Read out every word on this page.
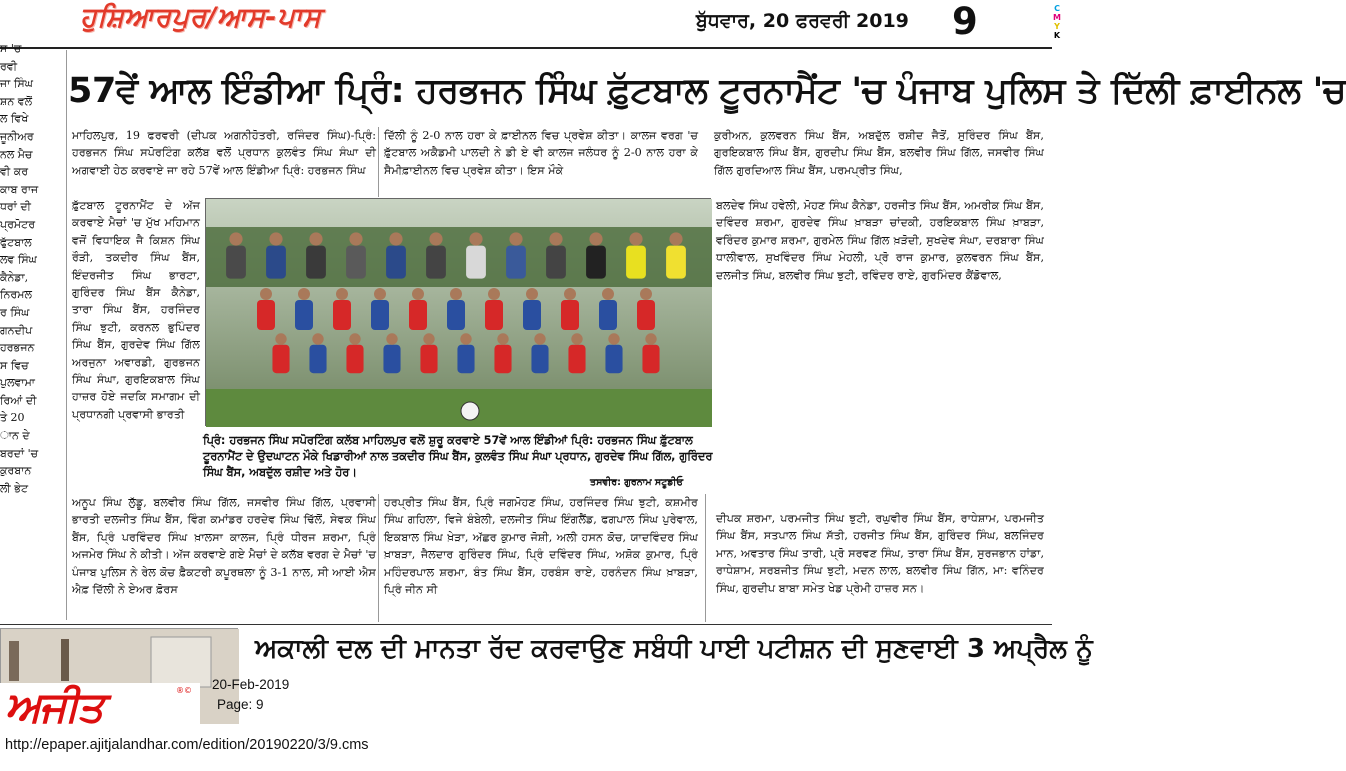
ਹੁਸ਼ਿਆਰਪੁਰ/ਆਸ-ਪਾਸ	ਬੁੱਧਵਾਰ, 20 ਫਰਵਰੀ 2019 9	C
M
Y
K
ਸ 'ਚ
ਰਵੀ
ਜਾ ਸਿੰਘ
ਸ਼ਨ ਵਲੋਂ
ਲ ਵਿਖੇ
ਜੂਨੀਅਰ
ਨਲ ਮੈਚ
ਵੀ ਕਰ
ਕਾਬ ਰਾਜ
ਧਰਾਂ ਦੀ
ਪ੍ਰਮੋਟਰ
ਫੁੱਟਬਾਲ
ਲਵ ਸਿੰਘ
ਕੈਨੇਡਾ,
ਨਿਰਮਲ
ਰ ਸਿੰਘ
ਗਨਦੀਪ
ਹਰਭਜਨ
ਸ ਵਿਚ
ਪੁਲਵਾਮਾ
ਰਿਆਂ ਦੀ
ਤੇ 20
ਾਨ ਦੇ
ਬਰਦਾਂ 'ਚ
ਕੁਰਬਾਨ
ਲੀ ਭੇਟ
57ਵੇਂ ਆਲ ਇੰਡੀਆ ਪ੍ਰਿੰ: ਹਰਭਜਨ ਸਿੰਘ ਫ਼ੁੱਟਬਾਲ ਟੂਰਨਾਮੈਂਟ 'ਚ ਪੰਜਾਬ ਪੁਲਿਸ ਤੇ ਦਿੱਲੀ ਫ਼ਾਈਨਲ 'ਚ
ਮਾਹਿਲਪੁਰ, 19 ਫਰਵਰੀ (ਦੀਪਕ ਅਗਨੀਹੋਤਰੀ, ਰਜਿੰਦਰ ਸਿੰਘ)-ਪ੍ਰਿੰ: ਹਰਭਜਨ ਸਿੰਘ ਸਪੋਰਟਿੰਗ ਕਲੱਬ ਵਲੋਂ ਪ੍ਰਧਾਨ ਕੁਲਵੰਤ ਸਿੰਘ ਸੰਘਾ ਦੀ ਅਗਵਾਈ ਹੇਠ ਕਰਵਾਏ ਜਾ ਰਹੇ 57ਵੇਂ ਆਲ ਇੰਡੀਆ ਪ੍ਰਿੰ: ਹਰਭਜਨ ਸਿੰਘ
ਦਿੱਲੀ ਨੂੰ 2-0 ਨਾਲ ਹਰਾ ਕੇ ਫ਼ਾਈਨਲ ਵਿਚ ਪ੍ਰਵੇਸ਼ ਕੀਤਾ। ਕਾਲਜ ਵਰਗ 'ਚ ਫ਼ੁੱਟਬਾਲ ਅਕੈਡਮੀ ਪਾਲਦੀ ਨੇ ਡੀ ਏ ਵੀ ਕਾਲਜ ਜਲੰਧਰ ਨੂੰ 2-0 ਨਾਲ ਹਰਾ ਕੇ ਸੈਮੀਫ਼ਾਈਨਲ ਵਿਚ ਪ੍ਰਵੇਸ਼ ਕੀਤਾ। ਇਸ ਮੌਕੇ
ਕੁਰੀਅਨ, ਕੁਲਵਰਨ ਸਿੰਘ ਬੈਂਸ, ਅਬਦੁੱਲ ਰਸ਼ੀਦ ਜੈਤੋਂ, ਸੁਰਿੰਦਰ ਸਿੰਘ ਬੈਂਸ, ਗੁਰਇਕਬਾਲ ਸਿੰਘ ਬੈਂਸ, ਗੁਰਦੀਪ ਸਿੰਘ ਬੈਂਸ, ਬਲਵੀਰ ਸਿੰਘ ਗਿੱਲ, ਜਸਵੀਰ ਸਿੰਘ ਗਿੱਲ ਗੁਰਦਿਆਲ ਸਿੰਘ ਬੈਂਸ, ਪਰਮਪ੍ਰੀਤ ਸਿੰਘ,
ਫ਼ੁੱਟਬਾਲ ਟੂਰਨਾਮੈਂਟ ਦੇ ਅੱਜ ਕਰਵਾਏ ਮੈਚਾਂ 'ਚ ਮੁੱਖ ਮਹਿਮਾਨ ਵਜੋਂ ਵਿਧਾਇਕ ਜੈ ਕਿਸ਼ਨ ਸਿੰਘ ਰੌੜੀ, ਤਕਦੀਰ ਸਿੰਘ ਬੈਂਸ, ਇੰਦਰਜੀਤ ਸਿੰਘ ਭਾਰਟਾ, ਗੁਰਿੰਦਰ ਸਿੰਘ ਬੈਂਸ ਕੈਨੇਡਾ, ਤਾਰਾ ਸਿੰਘ ਬੈਂਸ, ਹਰਜਿੰਦਰ ਸਿੰਘ ਝੁਟੀ, ਕਰਨਲ ਭੁਪਿੰਦਰ ਸਿੰਘ ਬੈਂਸ, ਗੁਰਦੇਵ ਸਿੰਘ ਗਿੱਲ ਅਰਜੁਨਾ ਅਵਾਰਡੀ, ਗੁਰਭਜਨ ਸਿੰਘ ਸੰਘਾ, ਗੁਰਇਕਬਾਲ ਸਿੰਘ ਹਾਜ਼ਰ ਹੋਏ ਜਦਕਿ ਸਮਾਗਮ ਦੀ ਪ੍ਰਧਾਨਗੀ ਪ੍ਰਵਾਸੀ ਭਾਰਤੀ
ਬਲਦੇਵ ਸਿੰਘ ਹਵੇਲੀ, ਮੋਹਣ ਸਿੰਘ ਕੈਨੇਡਾ, ਹਰਜੀਤ ਸਿੰਘ ਬੈਂਸ, ਅਮਰੀਕ ਸਿੰਘ ਬੈਂਸ, ਦਵਿੰਦਰ ਸ਼ਰਮਾ, ਗੁਰਦੇਵ ਸਿੰਘ ਖ਼ਾਬੜਾ ਚਾਂਦਕੀ, ਹਰਇਕਬਾਲ ਸਿੰਘ ਖ਼ਾਬੜਾ, ਵਰਿੰਦਰ ਕੁਮਾਰ ਸ਼ਰਮਾ, ਗੁਰਮੇਲ ਸਿੰਘ ਗਿੱਲ ਖ਼ੜੋਦੀ, ਸੁਖਦੇਵ ਸੰਘਾ, ਦਰਬਾਰਾ ਸਿੰਘ ਧਾਲੀਵਾਲ, ਸੁਖਵਿੰਦਰ ਸਿੰਘ ਮੇਹਲੀ, ਪ੍ਰੋ ਰਾਜ ਕੁਮਾਰ, ਕੁਲਵਰਨ ਸਿੰਘ ਬੈਂਸ, ਦਲਜੀਤ ਸਿੰਘ, ਬਲਵੀਰ ਸਿੰਘ ਝੁਟੀ, ਰਵਿੰਦਰ ਰਾਏ, ਗੁਰਮਿੰਦਰ ਕੈਂਡੋਵਾਲ,
ਪ੍ਰਿੰ: ਹਰਭਜਨ ਸਿੰਘ ਸਪੋਰਟਿੰਗ ਕਲੱਬ ਮਾਹਿਲਪੁਰ ਵਲੋਂ ਸ਼ੁਰੂ ਕਰਵਾਏ 57ਵੇਂ ਆਲ ਇੰਡੀਆਂ ਪ੍ਰਿੰ: ਹਰਭਜਨ ਸਿੰਘ ਫ਼ੁੱਟਬਾਲ ਟੂਰਨਾਮੈਂਟ ਦੇ ਉਦਘਾਟਨ ਮੌਕੇ ਖਿਡਾਰੀਆਂ ਨਾਲ ਤਕਦੀਰ ਸਿੰਘ ਬੈਂਸ, ਕੁਲਵੰਤ ਸਿੰਘ ਸੰਘਾ ਪ੍ਰਧਾਨ, ਗੁਰਦੇਵ ਸਿੰਘ ਗਿੱਲ, ਗੁਰਿੰਦਰ ਸਿੰਘ ਬੈਂਸ, ਅਬਦੁੱਲ ਰਸ਼ੀਦ ਅਤੇ ਹੋਰ।
ਤਸਵੀਰ: ਗੁਰਨਾਮ ਸਟੂਡੀਓ
ਅਨੂਪ ਸਿੰਘ ਲੁੱਡੂ, ਬਲਵੀਰ ਸਿੰਘ ਗਿੱਲ, ਜਸਵੀਰ ਸਿੰਘ ਗਿੱਲ, ਪ੍ਰਵਾਸੀ ਭਾਰਤੀ ਦਲਜੀਤ ਸਿੰਘ ਬੈਂਸ, ਵਿੰਗ ਕਮਾਂਡਰ ਹਰਦੇਵ ਸਿੰਘ ਢਿੱਲੋਂ, ਸੇਵਕ ਸਿੰਘ ਬੈਂਸ, ਪ੍ਰਿੰ ਪਰਵਿੰਦਰ ਸਿੰਘ ਖ਼ਾਲਸਾ ਕਾਲਜ, ਪ੍ਰਿੰ ਧੀਰਜ ਸ਼ਰਮਾ, ਪ੍ਰਿੰ ਅਜਮੇਰ ਸਿੰਘ ਨੇ ਕੀਤੀ। ਅੱਜ ਕਰਵਾਏ ਗਏ ਮੈਚਾਂ ਦੇ ਕਲੱਬ ਵਰਗ ਦੇ ਮੈਚਾਂ 'ਚ ਪੰਜਾਬ ਪੁਲਿਸ ਨੇ ਰੇਲ ਕੋਚ ਫ਼ੈਕਟਰੀ ਕਪੂਰਥਲਾ ਨੂੰ 3-1 ਨਾਲ, ਸੀ ਆਈ ਐਸ ਐਫ਼ ਦਿੱਲੀ ਨੇ ਏਅਰ ਫ਼ੋਰਸ
ਹਰਪ੍ਰੀਤ ਸਿੰਘ ਬੈਂਸ, ਪ੍ਰਿੰ ਜਗਮੋਹਣ ਸਿੰਘ, ਹਰਜਿੰਦਰ ਸਿੰਘ ਝੁਟੀ, ਕਸ਼ਮੀਰ ਸਿੰਘ ਗਹਿਲਾ, ਵਿਜੇ ਬੰਬੇਲੀ, ਦਲਜੀਤ ਸਿੰਘ ਇੰਗਲੈਂਡ, ਫਗਪਾਲ ਸਿੰਘ ਪੁਰੇਵਾਲ, ਇਕਬਾਲ ਸਿੰਘ ਖ਼ੇੜਾ, ਅੱਛਰ ਕੁਮਾਰ ਜੋਸ਼ੀ, ਅਲੀ ਹਸਨ ਕੋਚ, ਯਾਦਵਿੰਦਰ ਸਿੰਘ ਖ਼ਾਬੜਾ, ਜੈਲਦਾਰ ਗੁਰਿੰਦਰ ਸਿੰਘ, ਪ੍ਰਿੰ ਦਵਿੰਦਰ ਸਿੰਘ, ਅਸ਼ੋਕ ਕੁਮਾਰ, ਪ੍ਰਿੰ ਮਹਿੰਦਰਪਾਲ ਸ਼ਰਮਾ, ਬੰਤ ਸਿੰਘ ਬੈਂਸ, ਹਰਬੰਸ ਰਾਏ, ਹਰਨੰਦਨ ਸਿੰਘ ਖ਼ਾਬੜਾ, ਪ੍ਰਿੰ ਜੀਨ ਸੀ
ਦੀਪਕ ਸ਼ਰਮਾ, ਪਰਮਜੀਤ ਸਿੰਘ ਝੁਟੀ, ਰਘੁਵੀਰ ਸਿੰਘ ਬੈਂਸ, ਰਾਧੇਸ਼ਾਮ, ਪਰਮਜੀਤ ਸਿੰਘ ਬੈਂਸ, ਸਤਪਾਲ ਸਿੰਘ ਸੱਤੀ, ਹਰਜੀਤ ਸਿੰਘ ਬੈਂਸ, ਗੁਰਿੰਦਰ ਸਿੰਘ, ਬਲਜਿੰਦਰ ਮਾਨ, ਅਵਤਾਰ ਸਿੰਘ ਤਾਰੀ, ਪ੍ਰੋ ਸਰਵਣ ਸਿੰਘ, ਤਾਰਾ ਸਿੰਘ ਬੈਂਸ, ਸੁਰਜਭਾਨ ਹਾਂਡਾ, ਰਾਧੇਸ਼ਾਮ, ਸਰਬਜੀਤ ਸਿੰਘ ਝੁਟੀ, ਮਦਨ ਲਾਲ, ਬਲਵੀਰ ਸਿੰਘ ਗਿੱਨ, ਮਾ: ਵਨਿੰਦਰ ਸਿੰਘ, ਗੁਰਦੀਪ ਬਾਬਾ ਸਮੇਤ ਖੇਡ ਪ੍ਰੇਮੀ ਹਾਜ਼ਰ ਸਨ।
ਅਕਾਲੀ ਦਲ ਦੀ ਮਾਨਤਾ ਰੱਦ ਕਰਵਾਉਣ ਸਬੰਧੀ ਪਾਈ ਪਟੀਸ਼ਨ ਦੀ ਸੁਣਵਾਈ 3 ਅਪ੍ਰੈਲ ਨੂੰ
ਅਜੀਤ	®© 20-Feb-2019
Page: 9
http://epaper.ajitjalandhar.com/edition/20190220/3/9.cms
